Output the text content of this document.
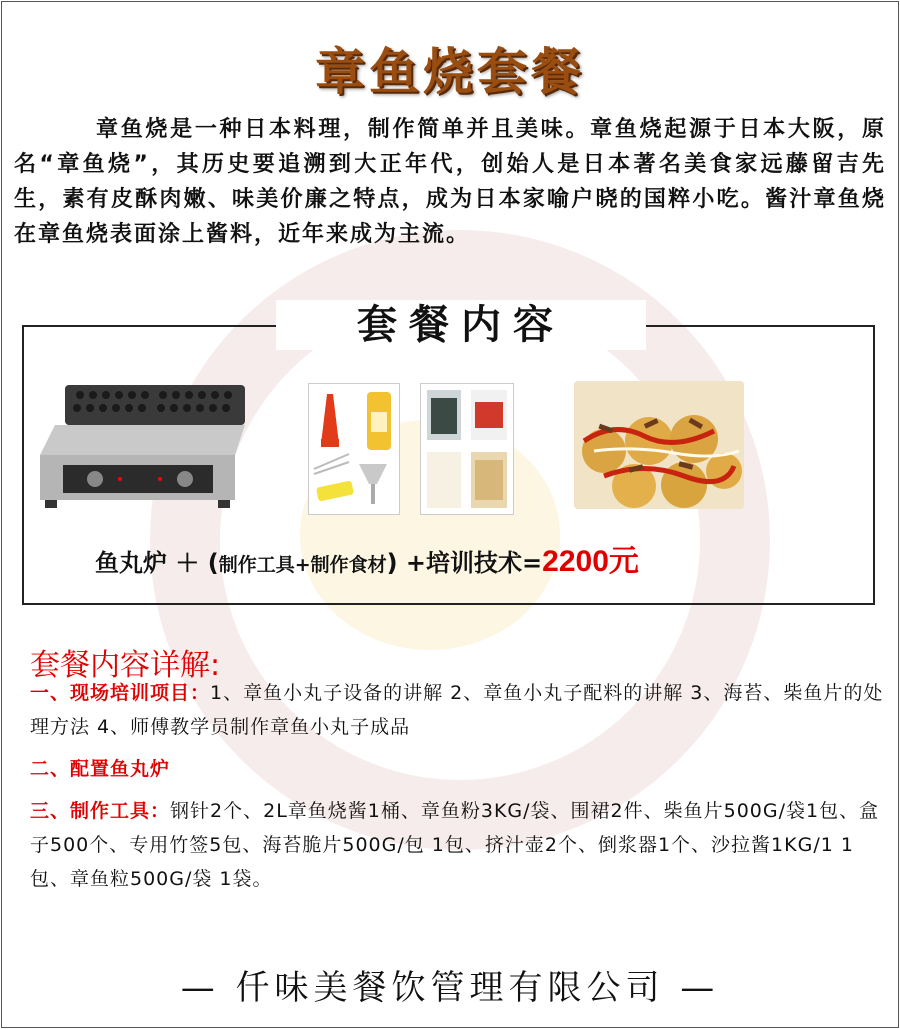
章鱼烧套餐
章鱼烧是一种日本料理，制作简单并且美味。章鱼烧起源于日本大阪，原名“章鱼烧”，其历史要追溯到大正年代，创始人是日本著名美食家远藤留吉先生，素有皮酥肉嫩、味美价廉之特点，成为日本家喻户晓的国粹小吃。酱汁章鱼烧 在章鱼烧表面涂上酱料，近年来成为主流。
套餐内容
鱼丸炉 ＋ (制作工具+制作食材) +培训技术=2200元
套餐内容详解:

一、现场培训项目：1、章鱼小丸子设备的讲解 2、章鱼小丸子配料的讲解 3、海苔、柴鱼片的处理方法 4、师傅教学员制作章鱼小丸子成品

二、配置鱼丸炉

三、制作工具：钢针2个、2L章鱼烧酱1桶、章鱼粉3KG/袋、围裙2件、柴鱼片500G/袋1包、盒子500个、专用竹签5包、海苔脆片500G/包 1包、挤汁壶2个、倒浆器1个、沙拉酱1KG/1 1包、章鱼粒500G/袋 1袋。

— 仟味美餐饮管理有限公司 —
